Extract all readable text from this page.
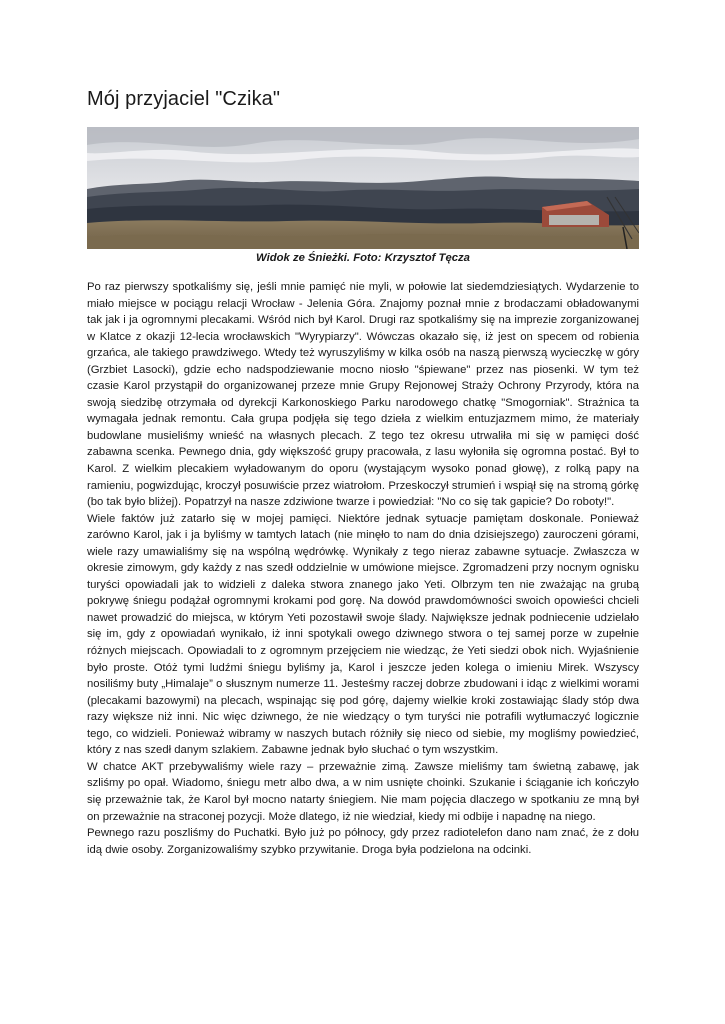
Mój przyjaciel "Czika"

Widok ze Śnieżki. Foto: Krzysztof Tęcza

Po raz pierwszy spotkaliśmy się, jeśli mnie pamięć nie myli, w połowie lat siedemdziesiątych. Wydarzenie to miało miejsce w pociągu relacji Wrocław - Jelenia Góra. Znajomy poznał mnie z brodaczami obładowanymi tak jak i ja ogromnymi plecakami. Wśród nich był Karol. Drugi raz spotkaliśmy się na imprezie zorganizowanej w Klatce z okazji 12-lecia wrocławskich "Wyrypiarzy". Wówczas okazało się, iż jest on specem od robienia grzańca, ale takiego prawdziwego. Wtedy też wyruszyliśmy w kilka osób na naszą pierwszą wycieczkę w góry (Grzbiet Lasocki), gdzie echo nadspodziewanie mocno niosło "śpiewane" przez nas piosenki. W tym też czasie Karol przystąpił do organizowanej przeze mnie Grupy Rejonowej Straży Ochrony Przyrody, która na swoją siedzibę otrzymała od dyrekcji Karkonoskiego Parku narodowego chatkę "Smogorniak". Strażnica ta wymagała jednak remontu. Cała grupa podjęła się tego dzieła z wielkim entuzjazmem mimo, że materiały budowlane musieliśmy wnieść na własnych plecach. Z tego tez okresu utrwaliła mi się w pamięci dość zabawna scenka. Pewnego dnia, gdy większość grupy pracowała, z lasu wyłoniła się ogromna postać. Był to Karol. Z wielkim plecakiem wyładowanym do oporu (wystającym wysoko ponad głowę), z rolką papy na ramieniu, pogwizdując, kroczył posuwiście przez wiatrołom. Przeskoczył strumień i wspiął się na stromą górkę (bo tak było bliżej). Popatrzył na nasze zdziwione twarze i powiedział: "No co się tak gapicie? Do roboty!".

Wiele faktów już zatarło się w mojej pamięci. Niektóre jednak sytuacje pamiętam doskonale. Ponieważ zarówno Karol, jak i ja byliśmy w tamtych latach (nie minęło to nam do dnia dzisiejszego) zauroczeni górami, wiele razy umawialiśmy się na wspólną wędrówkę. Wynikały z tego nieraz zabawne sytuacje. Zwłaszcza w okresie zimowym, gdy każdy z nas szedł oddzielnie w umówione miejsce. Zgromadzeni przy nocnym ognisku turyści opowiadali jak to widzieli z daleka stwora znanego jako Yeti. Olbrzym ten nie zważając na grubą pokrywę śniegu podążał ogromnymi krokami pod gorę. Na dowód prawdomówności swoich opowieści chcieli nawet prowadzić do miejsca, w którym Yeti pozostawił swoje ślady. Największe jednak podniecenie udzielało się im, gdy z opowiadań wynikało, iż inni spotykali owego dziwnego stwora o tej samej porze w zupełnie różnych miejscach. Opowiadali to z ogromnym przejęciem nie wiedząc, że Yeti siedzi obok nich. Wyjaśnienie było proste. Otóż tymi ludźmi śniegu byliśmy ja, Karol i jeszcze jeden kolega o imieniu Mirek. Wszyscy nosiliśmy buty „Himalaje” o słusznym numerze 11. Jesteśmy raczej dobrze zbudowani i idąc z wielkimi worami (plecakami bazowymi) na plecach, wspinając się pod górę, dajemy wielkie kroki zostawiając ślady stóp dwa razy większe niż inni. Nic więc dziwnego, że nie wiedzący o tym turyści nie potrafili wytłumaczyć logicznie tego, co widzieli. Ponieważ wibramy w naszych butach różniły się nieco od siebie, my mogliśmy powiedzieć, który z nas szedł danym szlakiem. Zabawne jednak było słuchać o tym wszystkim.

W chatce AKT przebywaliśmy wiele razy – przeważnie zimą. Zawsze mieliśmy tam świetną zabawę, jak szliśmy po opał. Wiadomo, śniegu metr albo dwa, a w nim usnięte choinki. Szukanie i ściąganie ich kończyło się przeważnie tak, że Karol był mocno natarty śniegiem. Nie mam pojęcia dlaczego w spotkaniu ze mną był on przeważnie na straconej pozycji. Może dlatego, iż nie wiedział, kiedy mi odbije i napadnę na niego.

Pewnego razu poszliśmy do Puchatki. Było już po północy, gdy przez radiotelefon dano nam znać, że z dołu idą dwie osoby. Zorganizowaliśmy szybko przywitanie. Droga była podzielona na odcinki.
